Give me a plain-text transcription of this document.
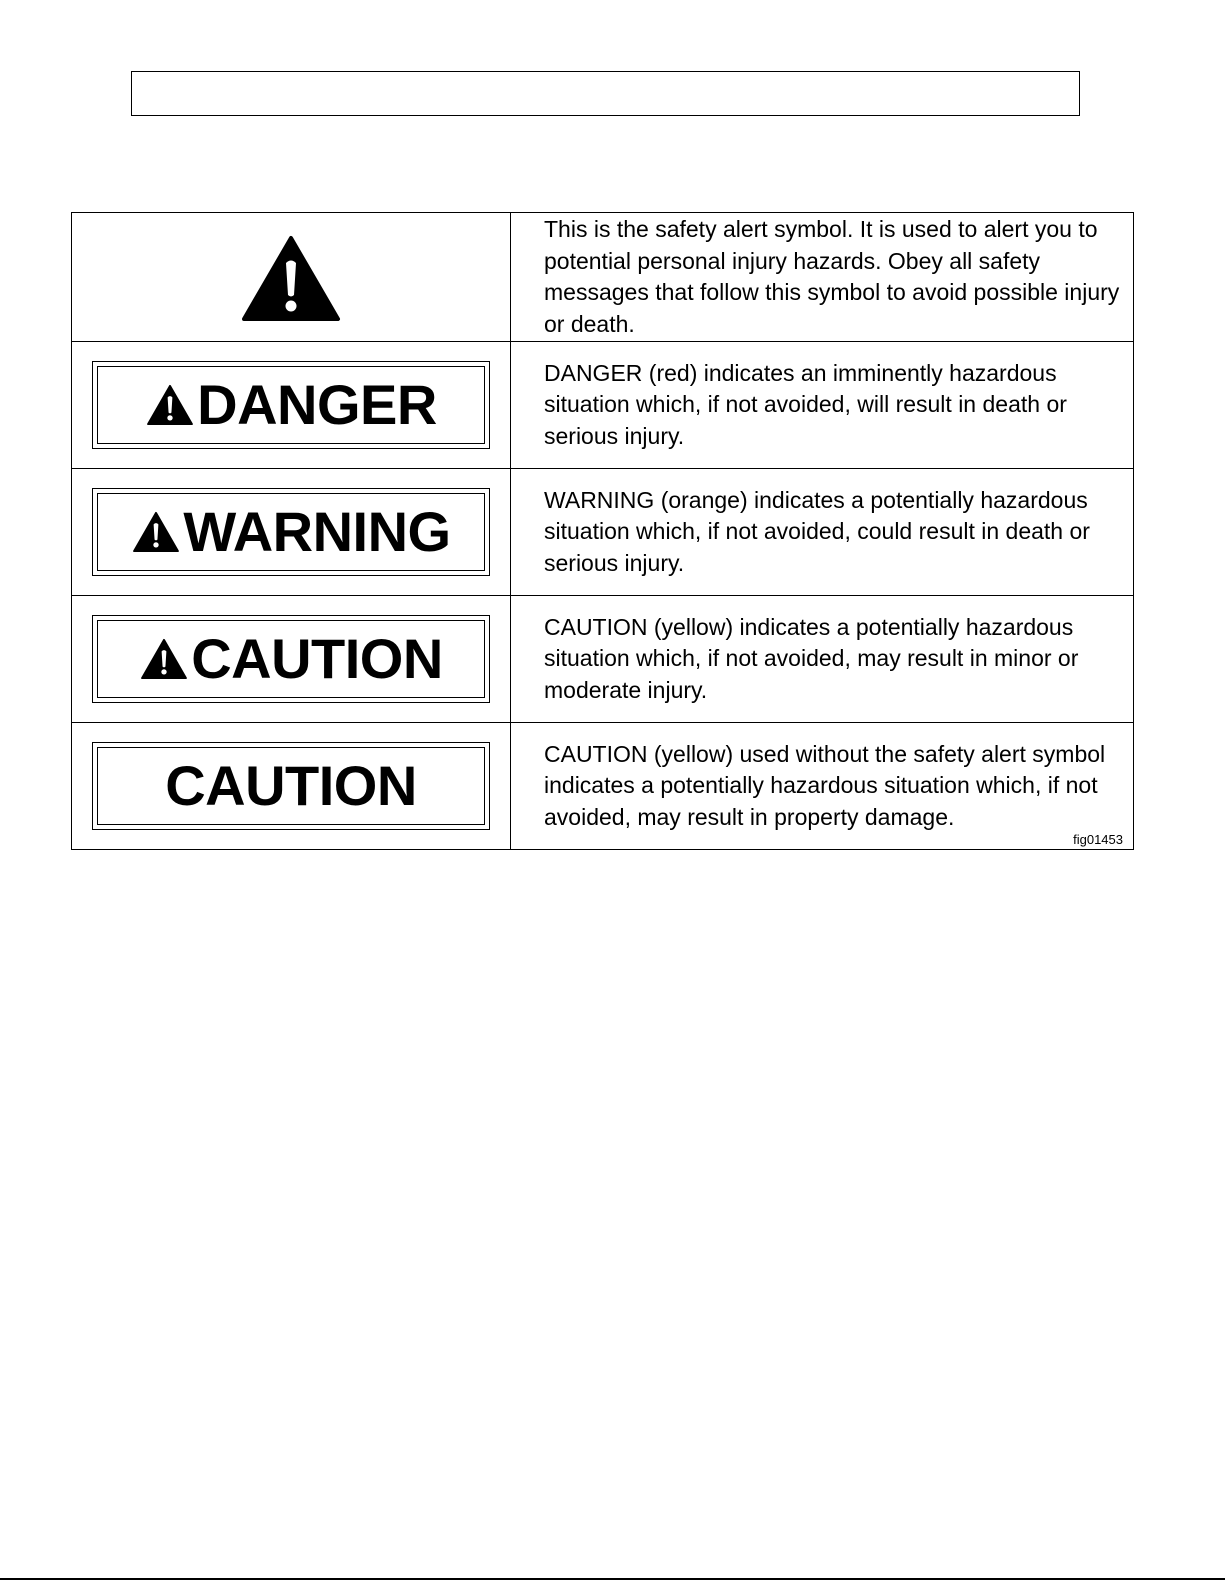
	This is the safety alert symbol. It is used to alert you to potential personal injury hazards. Obey all safety messages that follow this symbol to avoid possible injury or death.

DANGER	DANGER (red) indicates an imminently hazardous situation which, if not avoided, will result in death or serious injury.

WARNING	WARNING (orange) indicates a potentially hazardous situation which, if not avoided, could result in death or serious injury.

CAUTION	CAUTION (yellow) indicates a potentially hazardous situation which, if not avoided, may result in minor or moderate injury.

CAUTION	CAUTION (yellow) used without the safety alert symbol indicates a potentially hazardous situation which, if not avoided, may result in property damage.
fig01453
